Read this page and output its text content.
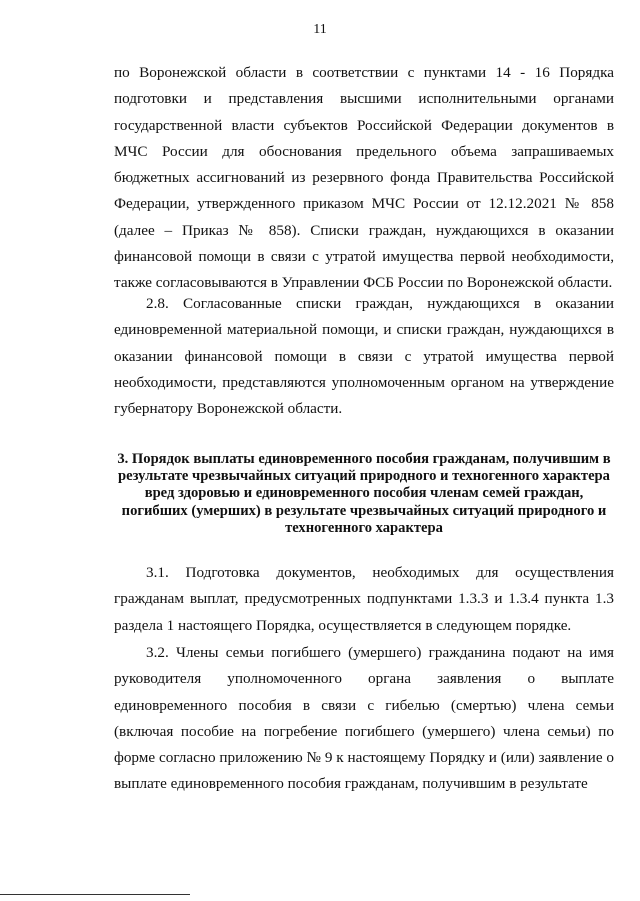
11

по Воронежской области в соответствии с пунктами 14 - 16 Порядка подготовки и представления высшими исполнительными органами государственной власти субъектов Российской Федерации документов в МЧС России для обоснования предельного объема запрашиваемых бюджетных ассигнований из резервного фонда Правительства Российской Федерации, утвержденного приказом МЧС России от 12.12.2021 № 858 (далее – Приказ № 858). Списки граждан, нуждающихся в оказании финансовой помощи в связи с утратой имущества первой необходимости, также согласовываются в Управлении ФСБ России по Воронежской области.

2.8. Согласованные списки граждан, нуждающихся в оказании единовременной материальной помощи, и списки граждан, нуждающихся в оказании финансовой помощи в связи с утратой имущества первой необходимости, представляются уполномоченным органом на утверждение губернатору Воронежской области.

3. Порядок выплаты единовременного пособия гражданам, получившим в результате чрезвычайных ситуаций природного и техногенного характера вред здоровью и единовременного пособия членам семей граждан, погибших (умерших) в результате чрезвычайных ситуаций природного и техногенного характера

3.1. Подготовка документов, необходимых для осуществления гражданам выплат, предусмотренных подпунктами 1.3.3 и 1.3.4 пункта 1.3 раздела 1 настоящего Порядка, осуществляется в следующем порядке.

3.2. Члены семьи погибшего (умершего) гражданина подают на имя руководителя уполномоченного органа заявления о выплате единовременного пособия в связи с гибелью (смертью) члена семьи (включая пособие на погребение погибшего (умершего) члена семьи) по форме согласно приложению № 9 к настоящему Порядку и (или) заявление о выплате единовременного пособия гражданам, получившим в результате
